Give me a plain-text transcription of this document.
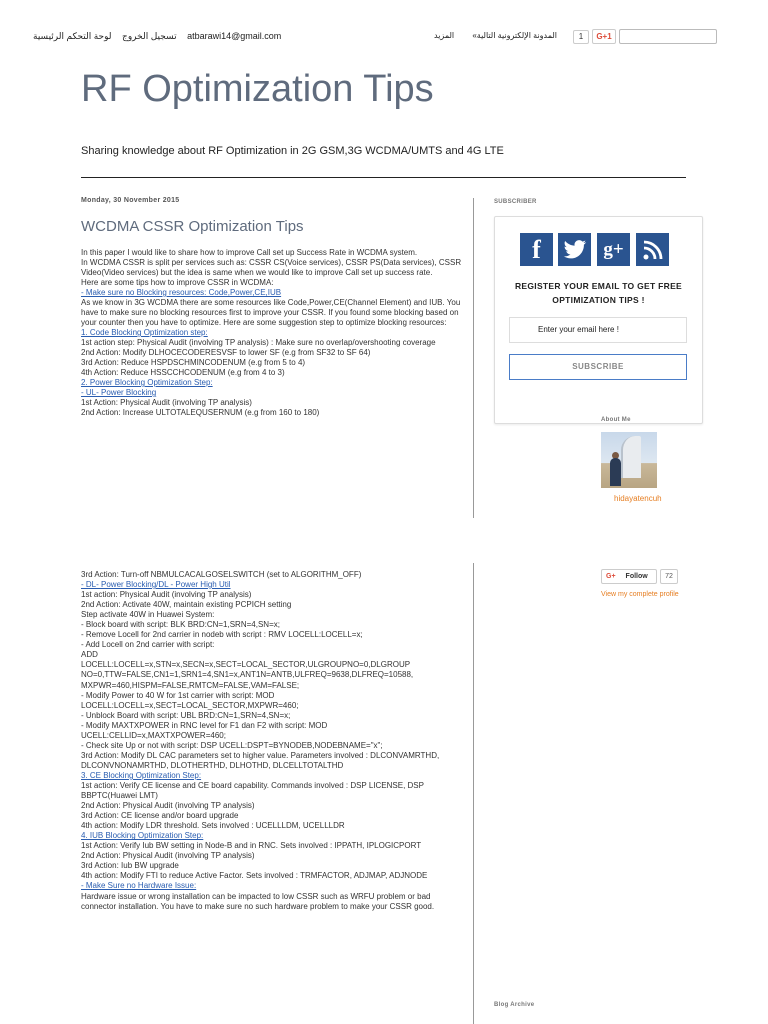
تسجيل الخروج لوحة التحكم الرئيسية	atbarawi14@gmail.com	المدونة الإلكترونية التالية» المزيد	1	G+1
RF Optimization Tips
Sharing knowledge about RF Optimization in 2G GSM,3G WCDMA/UMTS and 4G LTE
Monday, 30 November 2015
WCDMA CSSR Optimization Tips

In this paper I would like to share how to improve Call set up Success Rate in WCDMA system.

In WCDMA CSSR is split per services such as: CSSR CS(Voice services), CSSR PS(Data services), CSSR Video(Video services) but the idea is same when we would like to improve Call set up success rate.

Here are some tips how to improve CSSR in WCDMA:

- Make sure no Blocking resources: Code,Power,CE,IUB

As we know in 3G WCDMA there are some resources like Code,Power,CE(Channel Element) and IUB. You have to make sure no blocking resources first to improve your CSSR. If you found some blocking based on your counter then you have to optimize. Here are some suggestion step to optimize blocking resources:

1. Code Blocking Optimization step:

1st action step: Physical Audit (involving TP analysis) : Make sure no overlap/overshooting coverage

2nd Action: Modify DLHOCECODERESVSF to lower SF (e.g from SF32 to SF 64)

3rd Action: Reduce HSPDSCHMINCODENUM (e.g from 5 to 4)

4th Action: Reduce HSSCCHCODENUM (e.g from 4 to 3)

2. Power Blocking Optimization Step:

- UL- Power Blocking

1st Action: Physical Audit (involving TP analysis)

2nd Action: Increase ULTOTALEQUSERNUM (e.g from 160 to 180)

3rd Action: Turn-off NBMULCACALGOSELSWITCH (set to ALGORITHM_OFF)

- DL- Power Blocking/DL - Power High Util

1st action: Physical Audit (involving TP analysis)

2nd Action: Activate 40W, maintain existing PCPICH setting

Step activate 40W in Huawei System:

- Block board with script: BLK BRD:CN=1,SRN=4,SN=x;

- Remove Locell for 2nd carrier in nodeb with script : RMV LOCELL:LOCELL=x;

- Add Locell on 2nd carrier with script:

ADD

LOCELL:LOCELL=x,STN=x,SECN=x,SECT=LOCAL_SECTOR,ULGROUPNO=0,DLGROUP NO=0,TTW=FALSE,CN1=1,SRN1=4,SN1=x,ANT1N=ANTB,ULFREQ=9638,DLFREQ=10588, MXPWR=460,HISPM=FALSE,RMTCM=FALSE,VAM=FALSE;

- Modify Power to 40 W for 1st carrier with script: MOD LOCELL:LOCELL=x,SECT=LOCAL_SECTOR,MXPWR=460;

- Unblock Board with script: UBL BRD:CN=1,SRN=4,SN=x;

- Modify MAXTXPOWER in RNC level for F1 dan F2 with script: MOD UCELL:CELLID=x,MAXTXPOWER=460;

- Check site Up or not with script: DSP UCELL:DSPT=BYNODEB,NODEBNAME="x";

3rd Action: Modify DL CAC parameters set to higher value. Parameters involved : DLCONVAMRTHD, DLCONVNONAMRTHD, DLOTHERTHD, DLHOTHD, DLCELLTOTALTHD

3. CE Blocking Optimization Step:

1st action: Verify CE license and CE board capability. Commands involved : DSP LICENSE, DSP BBPTC(Huawei LMT)

2nd Action: Physical Audit (involving TP analysis)

3rd Action: CE license and/or board upgrade

4th action: Modify LDR threshold. Sets involved : UCELLLDM, UCELLLDR

4. IUB Blocking Optimization Step:

1st Action: Verify Iub BW setting in Node-B and in RNC. Sets involved : IPPATH, IPLOGICPORT

2nd Action: Physical Audit (involving TP analysis)

3rd Action: Iub BW upgrade

4th action: Modify FTI to reduce Active Factor. Sets involved : TRMFACTOR, ADJMAP, ADJNODE

- Make Sure no Hardware Issue:

Hardware issue or wrong installation can be impacted to low CSSR such as WRFU problem or bad connector installation. You have to make sure no such hardware problem to make your CSSR good.

SUBSCRIBER
f	g+
REGISTER YOUR EMAIL TO GET FREE OPTIMIZATION TIPS !
Enter your email here !
SUBSCRIBE
About Me
hidayatencuh
G+ Follow	72
View my complete profile
Blog Archive
